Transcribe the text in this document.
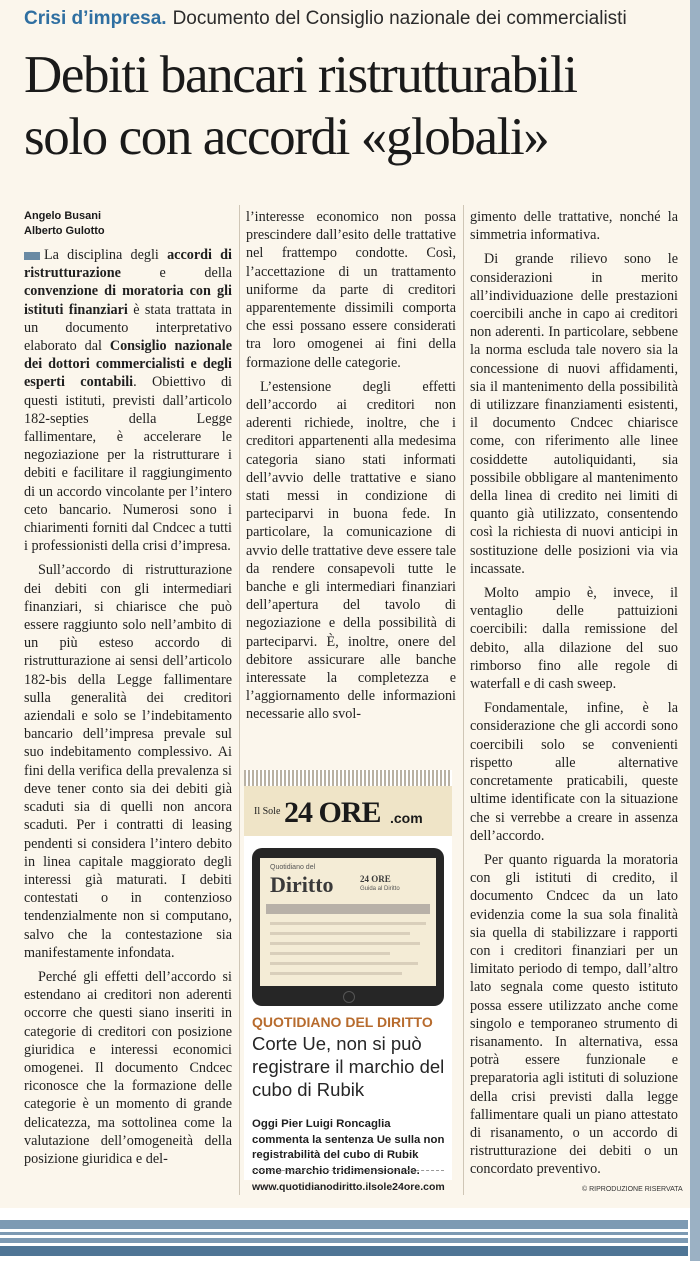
Crisi d’impresa. Documento del Consiglio nazionale dei commercialisti
Debiti bancari ristrutturabili
solo con accordi «globali»
Angelo Busani
Alberto Gulotto

La disciplina degli accordi di ristrutturazione e della convenzione di moratoria con gli istituti finanziari è stata trattata in un documento interpretativo elaborato dal Consiglio nazionale dei dottori commercialisti e degli esperti contabili. Obiettivo di questi istituti, previsti dall’articolo 182-septies della Legge fallimentare, è accelerare le negoziazione per la ristrutturare i debiti e facilitare il raggiungimento di un accordo vincolante per l’intero ceto bancario. Numerosi sono i chiarimenti forniti dal Cndcec a tutti i professionisti della crisi d’impresa.

Sull’accordo di ristrutturazione dei debiti con gli intermediari finanziari, si chiarisce che può essere raggiunto solo nell’ambito di un più esteso accordo di ristrutturazione ai sensi dell’articolo 182-bis della Legge fallimentare sulla generalità dei creditori aziendali e solo se l’indebitamento bancario dell’impresa prevale sul suo indebitamento complessivo. Ai fini della verifica della prevalenza si deve tener conto sia dei debiti già scaduti sia di quelli non ancora scaduti. Per i contratti di leasing pendenti si considera l’intero debito in linea capitale maggiorato degli interessi già maturati. I debiti contestati o in contenzioso tendenzialmente non si computano, salvo che la contestazione sia manifestamente infondata.

Perché gli effetti dell’accordo si estendano ai creditori non aderenti occorre che questi siano inseriti in categorie di creditori con posizione giuridica e interessi economici omogenei. Il documento Cndcec riconosce che la formazione delle categorie è un momento di grande delicatezza, ma sottolinea come la valutazione dell’omogeneità della posizione giuridica e del-

l’interesse economico non possa prescindere dall’esito delle trattative nel frattempo condotte. Così, l’accettazione di un trattamento uniforme da parte di creditori apparentemente dissimili comporta che essi possano essere considerati tra loro omogenei ai fini della formazione delle categorie.

L’estensione degli effetti dell’accordo ai creditori non aderenti richiede, inoltre, che i creditori appartenenti alla medesima categoria siano stati informati dell’avvio delle trattative e siano stati messi in condizione di parteciparvi in buona fede. In particolare, la comunicazione di avvio delle trattative deve essere tale da rendere consapevoli tutte le banche e gli intermediari finanziari dell’apertura del tavolo di negoziazione e della possibilità di parteciparvi. È, inoltre, onere del debitore assicurare alle banche interessate la completezza e l’aggiornamento delle informazioni necessarie allo svol-

gimento delle trattative, nonché la simmetria informativa.

Di grande rilievo sono le considerazioni in merito all’individuazione delle prestazioni coercibili anche in capo ai creditori non aderenti. In particolare, sebbene la norma escluda tale novero sia la concessione di nuovi affidamenti, sia il mantenimento della possibilità di utilizzare finanziamenti esistenti, il documento Cndcec chiarisce come, con riferimento alle linee cosiddette autoliquidanti, sia possibile obbligare al mantenimento della linea di credito nei limiti di quanto già utilizzato, consentendo così la richiesta di nuovi anticipi in sostituzione delle posizioni via via incassate.

Molto ampio è, invece, il ventaglio delle pattuizioni coercibili: dalla remissione del debito, alla dilazione del suo rimborso fino alle regole di waterfall e di cash sweep.

Fondamentale, infine, è la considerazione che gli accordi sono coercibili solo se convenienti rispetto alle alternative concretamente praticabili, queste ultime identificate con la situazione che si verrebbe a creare in assenza dell’accordo.

Per quanto riguarda la moratoria con gli istituti di credito, il documento Cndcec da un lato evidenzia come la sua sola finalità sia quella di stabilizzare i rapporti con i creditori finanziari per un limitato periodo di tempo, dall’altro lato segnala come questo istituto possa essere utilizzato anche come singolo e temporaneo strumento di risanamento. In alternativa, essa potrà essere funzionale e preparatoria agli istituti di soluzione della crisi previsti dalla legge fallimentare quali un piano attestato di risanamento, o un accordo di ristrutturazione dei debiti o un concordato preventivo.

Il Sole 24 ORE .com
Quotidiano del
Diritto	24 ORE
Guida al Diritto
QUOTIDIANO DEL DIRITTO
Corte Ue, non si può registrare il marchio del cubo di Rubik
Oggi Pier Luigi Roncaglia commenta la sentenza Ue sulla non registrabilità del cubo di Rubik come marchio tridimensionale.
www.quotidianodiritto.ilsole24ore.com	© RIPRODUZIONE RISERVATA
